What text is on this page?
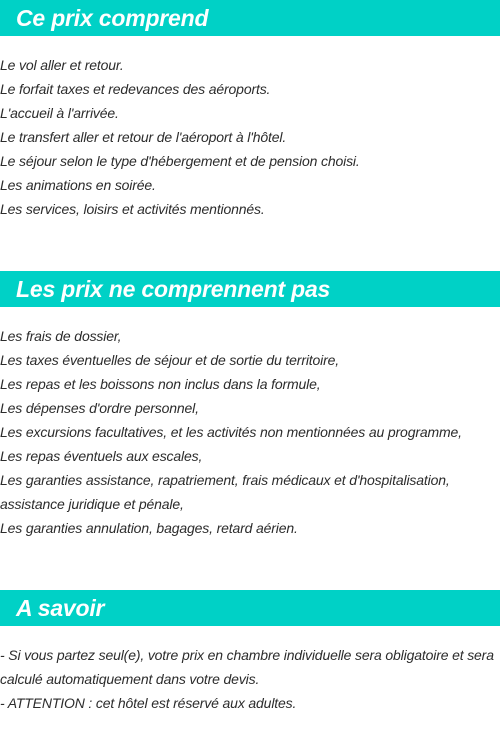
Ce prix comprend
Le vol aller et retour.
Le forfait taxes et redevances des aéroports.
L'accueil à l'arrivée.
Le transfert aller et retour de l'aéroport à l'hôtel.
Le séjour selon le type d'hébergement et de pension choisi.
Les animations en soirée.
Les services, loisirs et activités mentionnés.
Les prix ne comprennent pas
Les frais de dossier,
Les taxes éventuelles de séjour et de sortie du territoire,
Les repas et les boissons non inclus dans la formule,
Les dépenses d'ordre personnel,
Les excursions facultatives, et les activités non mentionnées au programme,
Les repas éventuels aux escales,
Les garanties assistance, rapatriement, frais médicaux et d'hospitalisation, assistance juridique et pénale,
Les garanties annulation, bagages, retard aérien.
A savoir
- Si vous partez seul(e), votre prix en chambre individuelle sera obligatoire et sera calculé automatiquement dans votre devis.
- ATTENTION : cet hôtel est réservé aux adultes.
